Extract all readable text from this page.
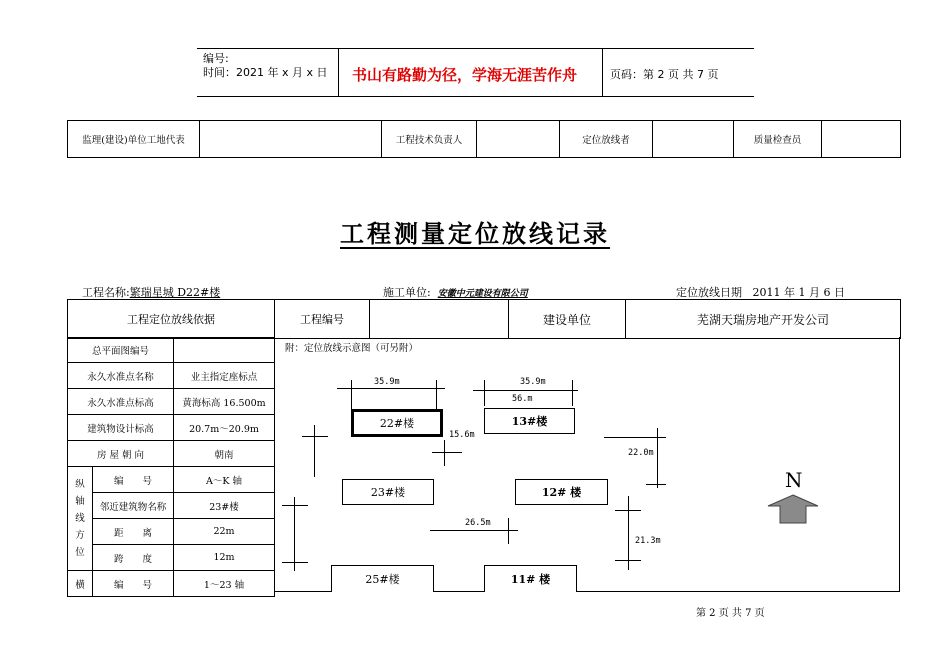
编号:
时间：2021 年 x 月 x 日 书山有路勤为径，学海无涯苦作舟	页码：第 2 页 共 7 页
监理(建设)单位工地代表		工程技术负责人		定位放线者		质量检查员	
工程测量定位放线记录
工程名称:繁瑞星城 D22#楼	施工单位: 安徽中元建设有限公司	定位放线日期 2011 年 1 月 6 日
工程定位放线依据	工程编号		建设单位	芜湖天瑞房地产开发公司
总平面图编号		
永久水准点名称		业主指定座标点
永久水准点标高		黄海标高 16.500m
建筑物设计标高		20.7m～20.9m
房 屋 朝 向		朝南
纵
轴
线
方
位	编　　号	A～K 轴
	邻近建筑物名称	23#楼
	距　　离	22m
	跨　　度	12m
横	编　　号	1～23 轴
附：定位放线示意图（可另附）
35.9m	35.9m
56.m
22#楼	13#楼
15.6m
22.0m
23#楼	12# 楼
26.5m
21.3m
25#楼	11# 楼
N
第 2 页 共 7 页
